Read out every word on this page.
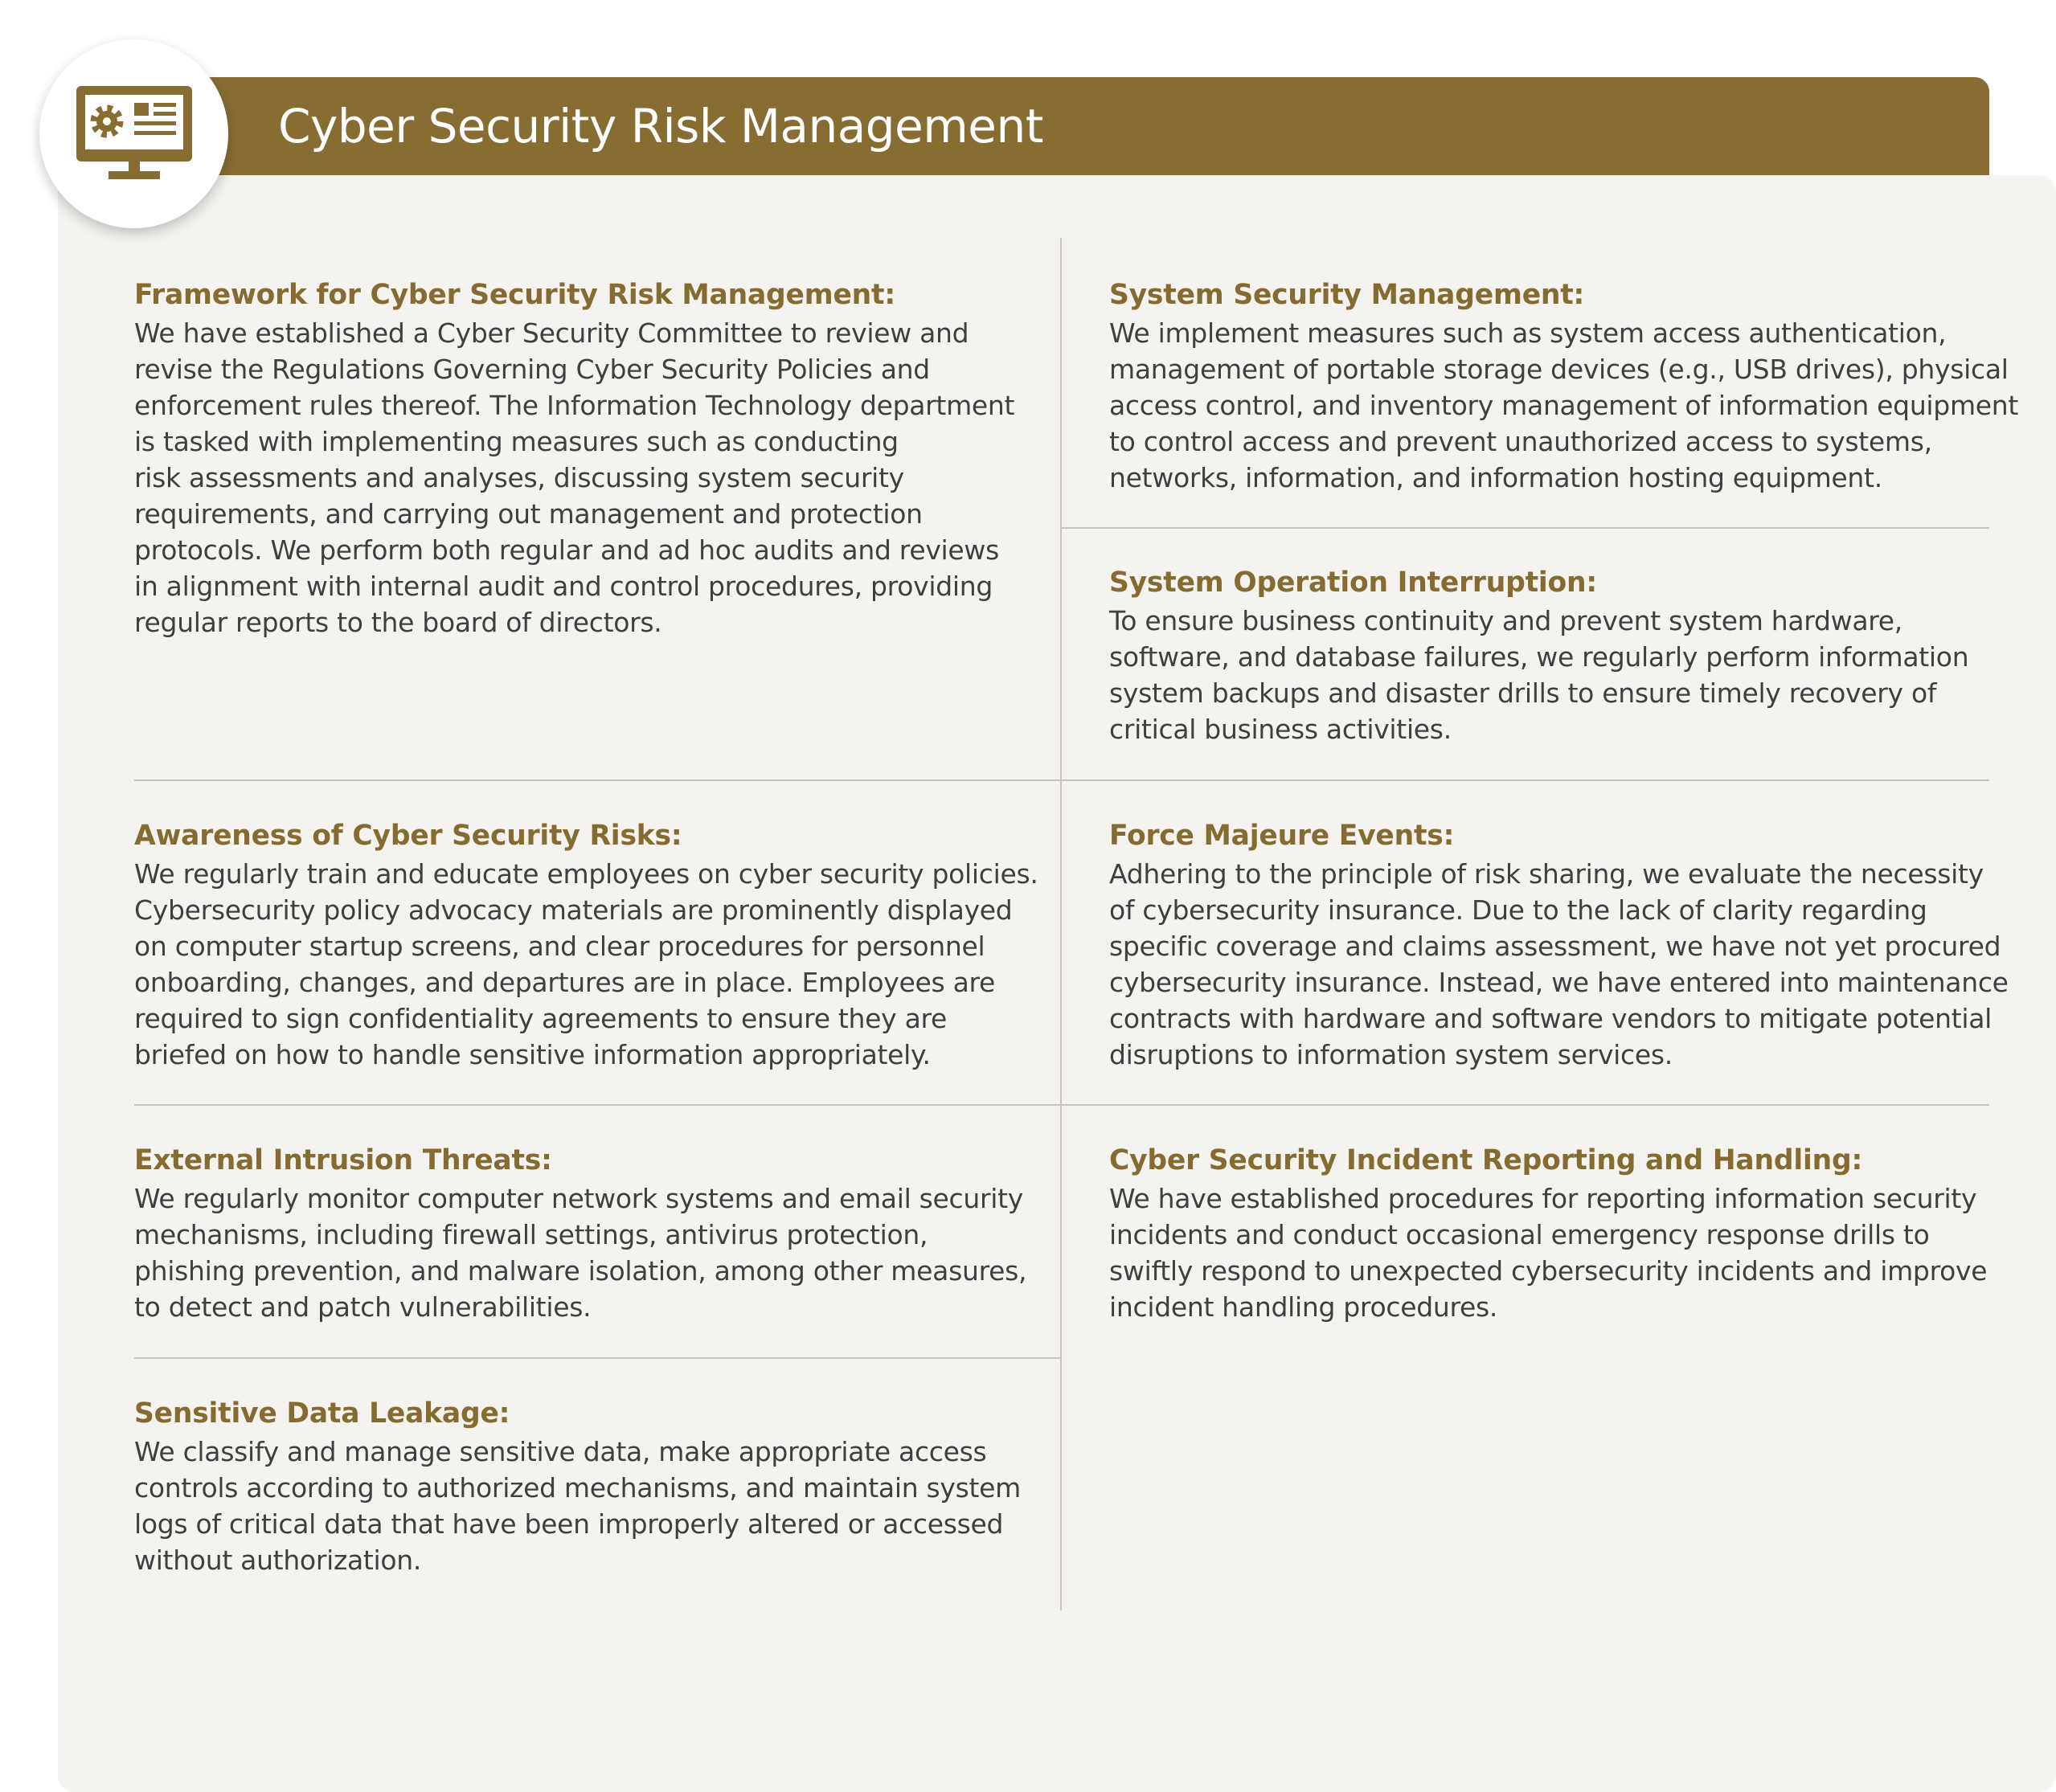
Cyber Security Risk Management
Framework for Cyber Security Risk Management:

We have established a Cyber Security Committee to review and

revise the Regulations Governing Cyber Security Policies and

enforcement rules thereof. The Information Technology department

is tasked with implementing measures such as conducting

risk assessments and analyses, discussing system security

requirements, and carrying out management and protection

protocols. We perform both regular and ad hoc audits and reviews

in alignment with internal audit and control procedures, providing

regular reports to the board of directors.

System Security Management:

We implement measures such as system access authentication,

management of portable storage devices (e.g., USB drives), physical

access control, and inventory management of information equipment

to control access and prevent unauthorized access to systems,

networks, information, and information hosting equipment.

System Operation Interruption:

To ensure business continuity and prevent system hardware,

software, and database failures, we regularly perform information

system backups and disaster drills to ensure timely recovery of

critical business activities.

Awareness of Cyber Security Risks:

We regularly train and educate employees on cyber security policies.

Cybersecurity policy advocacy materials are prominently displayed

on computer startup screens, and clear procedures for personnel

onboarding, changes, and departures are in place. Employees are

required to sign confidentiality agreements to ensure they are

briefed on how to handle sensitive information appropriately.

Force Majeure Events:

Adhering to the principle of risk sharing, we evaluate the necessity

of cybersecurity insurance. Due to the lack of clarity regarding

specific coverage and claims assessment, we have not yet procured

cybersecurity insurance. Instead, we have entered into maintenance

contracts with hardware and software vendors to mitigate potential

disruptions to information system services.

External Intrusion Threats:

We regularly monitor computer network systems and email security

mechanisms, including firewall settings, antivirus protection,

phishing prevention, and malware isolation, among other measures,

to detect and patch vulnerabilities.

Cyber Security Incident Reporting and Handling:

We have established procedures for reporting information security

incidents and conduct occasional emergency response drills to

swiftly respond to unexpected cybersecurity incidents and improve

incident handling procedures.

Sensitive Data Leakage:

We classify and manage sensitive data, make appropriate access

controls according to authorized mechanisms, and maintain system

logs of critical data that have been improperly altered or accessed

without authorization.
